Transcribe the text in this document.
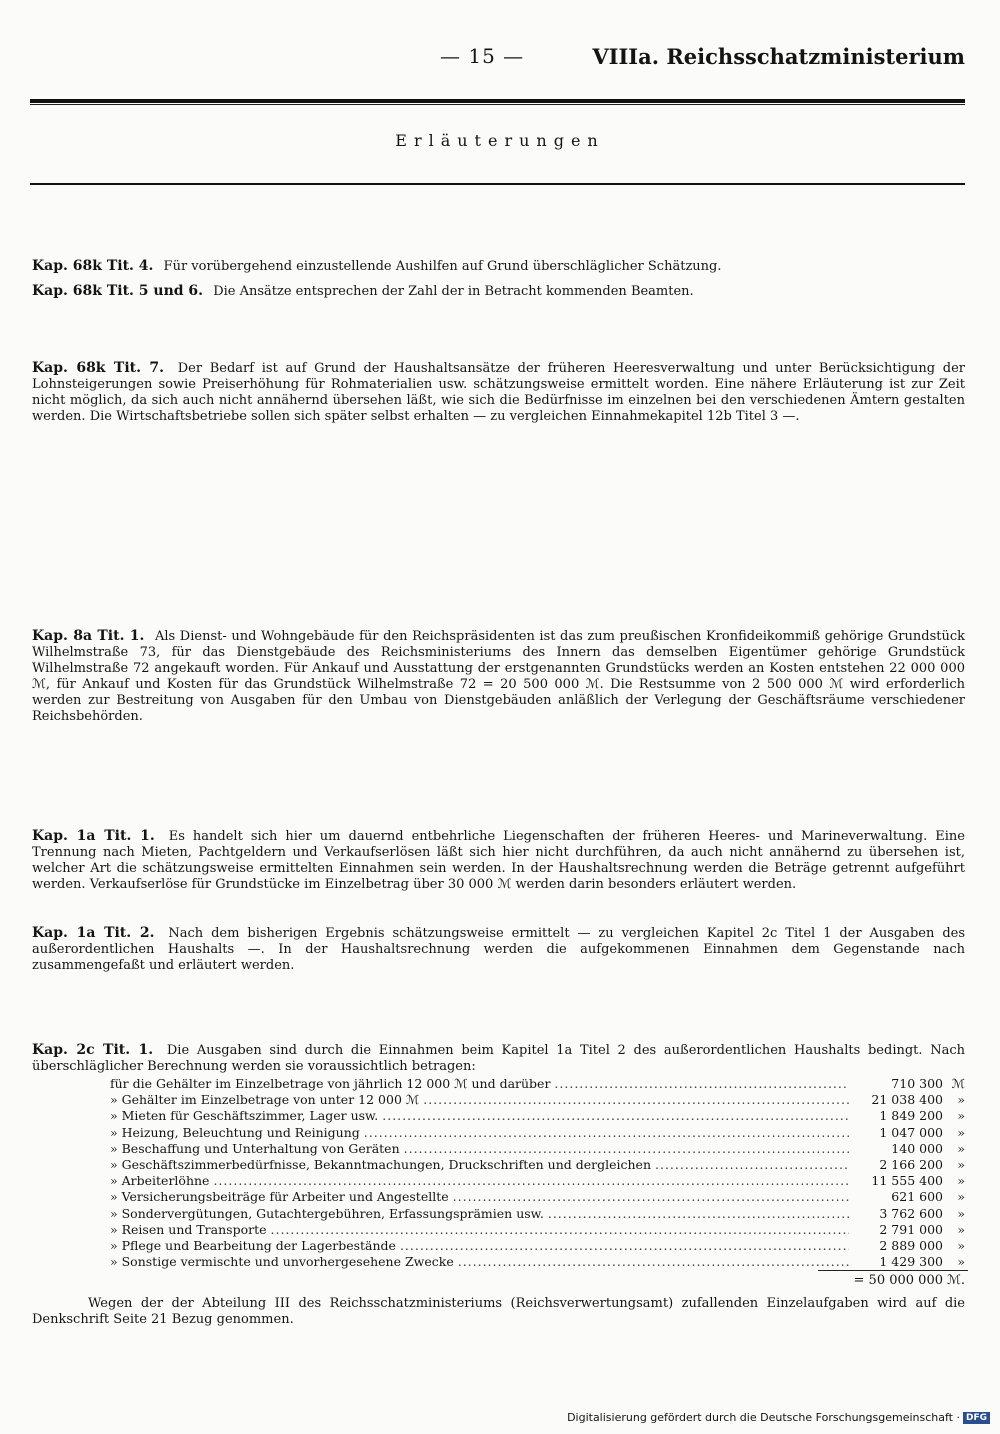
— 15 —	VIIIa. Reichsschatzministerium
Erläuterungen
Kap. 68k Tit. 4. Für vorübergehend einzustellende Aushilfen auf Grund überschläglicher Schätzung.
Kap. 68k Tit. 5 und 6. Die Ansätze entsprechen der Zahl der in Betracht kommenden Beamten.
Kap. 68k Tit. 7. Der Bedarf ist auf Grund der Haushaltsansätze der früheren Heeresverwaltung und unter Berücksichtigung der Lohnsteigerungen sowie Preiserhöhung für Rohmaterialien usw. schätzungsweise ermittelt worden. Eine nähere Erläuterung ist zur Zeit nicht möglich, da sich auch nicht annähernd übersehen läßt, wie sich die Bedürfnisse im einzelnen bei den verschiedenen Ämtern gestalten werden. Die Wirtschaftsbetriebe sollen sich später selbst erhalten — zu vergleichen Einnahmekapitel 12b Titel 3 —.
Kap. 8a Tit. 1. Als Dienst- und Wohngebäude für den Reichspräsidenten ist das zum preußischen Kronfideikommiß gehörige Grundstück Wilhelmstraße 73, für das Dienstgebäude des Reichsministeriums des Innern das demselben Eigentümer gehörige Grundstück Wilhelmstraße 72 angekauft worden. Für Ankauf und Ausstattung der erstgenannten Grundstücks werden an Kosten entstehen 22 000 000 ℳ, für Ankauf und Kosten für das Grundstück Wilhelmstraße 72 = 20 500 000 ℳ. Die Restsumme von 2 500 000 ℳ wird erforderlich werden zur Bestreitung von Ausgaben für den Umbau von Dienstgebäuden anläßlich der Verlegung der Geschäftsräume verschiedener Reichsbehörden.
Kap. 1a Tit. 1. Es handelt sich hier um dauernd entbehrliche Liegenschaften der früheren Heeres- und Marineverwaltung. Eine Trennung nach Mieten, Pachtgeldern und Verkaufserlösen läßt sich hier nicht durchführen, da auch nicht annähernd zu übersehen ist, welcher Art die schätzungsweise ermittelten Einnahmen sein werden. In der Haushaltsrechnung werden die Beträge getrennt aufgeführt werden. Verkaufserlöse für Grundstücke im Einzelbetrag über 30 000 ℳ werden darin besonders erläutert werden.
Kap. 1a Tit. 2. Nach dem bisherigen Ergebnis schätzungsweise ermittelt — zu vergleichen Kapitel 2c Titel 1 der Ausgaben des außerordentlichen Haushalts —. In der Haushaltsrechnung werden die aufgekommenen Einnahmen dem Gegenstande nach zusammengefaßt und erläutert werden.
Kap. 2c Tit. 1. Die Ausgaben sind durch die Einnahmen beim Kapitel 1a Titel 2 des außerordentlichen Haushalts bedingt. Nach überschläglicher Berechnung werden sie voraussichtlich betragen:
für die Gehälter im Einzelbetrage von jährlich 12 000 ℳ und darüber .....	710 300 ℳ
» Gehälter im Einzelbetrage von unter 12 000 ℳ .....	21 038 400	»
» Mieten für Geschäftszimmer, Lager usw. .....	1 849 200	»
» Heizung, Beleuchtung und Reinigung .....	1 047 000	»
» Beschaffung und Unterhaltung von Geräten .....	140 000	»
» Geschäftszimmerbedürfnisse, Bekanntmachungen, Druckschriften und dergleichen .....	2 166 200	»
» Arbeiterlöhne .....	11 555 400	»
» Versicherungsbeiträge für Arbeiter und Angestellte .....	621 600	»
» Sondervergütungen, Gutachtergebühren, Erfassungsprämien usw. .....	3 762 600	»
» Reisen und Transporte .....	2 791 000	»
» Pflege und Bearbeitung der Lagerbestände .....	2 889 000	»
» Sonstige vermischte und unvorhergesehene Zwecke .....	1 429 300	»
= 50 000 000 ℳ.
Wegen der der Abteilung III des Reichsschatzministeriums (Reichsverwertungsamt) zufallenden Einzelaufgaben wird auf die Denkschrift Seite 21 Bezug genommen.
Digitalisierung gefördert durch die Deutsche Forschungsgemeinschaft · DFG
